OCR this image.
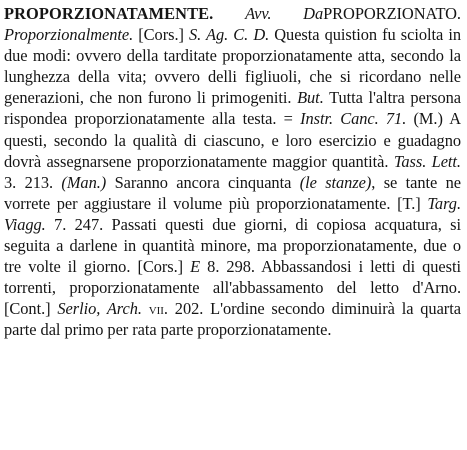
PROPORZIONATAMENTE. Avv. DaPROPORZIONATO. Proporzionalmente. [Cors.] S. Ag. C. D. Questa quistion fu sciolta in due modi: ovvero della tarditate proporzionatamente atta, secondo la lunghezza della vita; ovvero delli figliuoli, che si ricordano nelle generazioni, che non furono li primogeniti. But. Tutta l'altra persona rispondea proporzionatamente alla testa. = Instr. Canc. 71. (M.) A questi, secondo la qualità di ciascuno, e loro esercizio e guadagno dovrà assegnarsene proporzionatamente maggior quantità. Tass. Lett. 3. 213. (Man.) Saranno ancora cinquanta (le stanze), se tante ne vorrete per aggiustare il volume più proporzionatamente. [T.] Targ. Viagg. 7. 247. Passati questi due giorni, di copiosa acquatura, si seguita a darlene in quantità minore, ma proporzionatamente, due o tre volte il giorno. [Cors.] E 8. 298. Abbassandosi i letti di questi torrenti, proporzionatamente all'abbassamento del letto d'Arno. [Cont.] Serlio, Arch. vii. 202. L'ordine secondo diminuirà la quarta parte dal primo per rata parte proporzionatamente.
